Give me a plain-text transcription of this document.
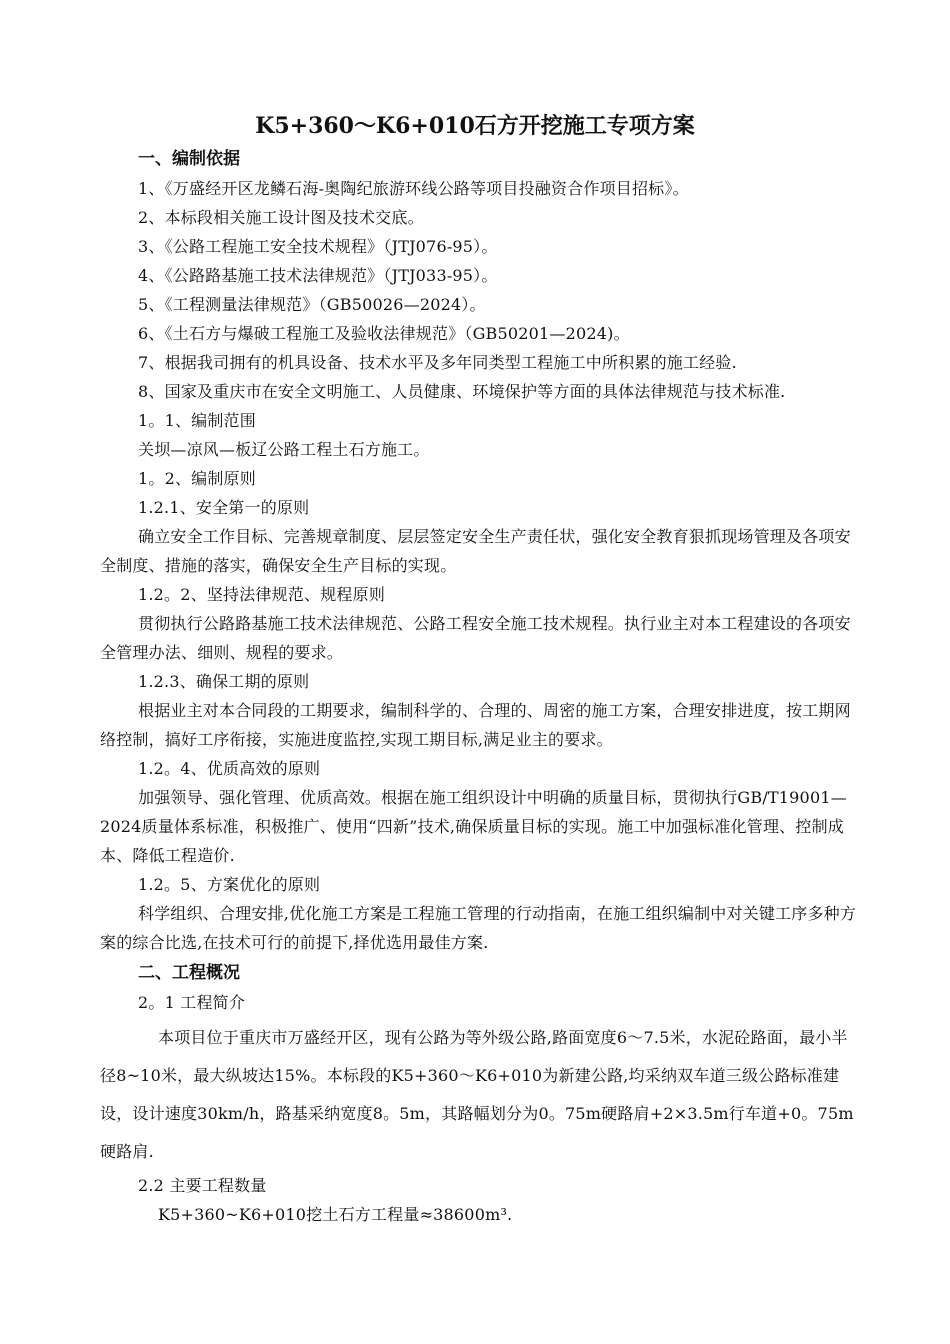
K5+360～K6+010石方开挖施工专项方案

一、编制依据

1、《万盛经开区龙鳞石海-奥陶纪旅游环线公路等项目投融资合作项目招标》。

2、本标段相关施工设计图及技术交底。

3、《公路工程施工安全技术规程》（JTJ076-95）。

4、《公路路基施工技术法律规范》（JTJ033-95）。

5、《工程测量法律规范》（GB50026—2024）。

6、《土石方与爆破工程施工及验收法律规范》（GB50201—2024)。

7、根据我司拥有的机具设备、技术水平及多年同类型工程施工中所积累的施工经验.

8、国家及重庆市在安全文明施工、人员健康、环境保护等方面的具体法律规范与技术标准.

1。1、编制范围

关坝—凉风—板辽公路工程土石方施工。

1。2、编制原则

1.2.1、安全第一的原则

确立安全工作目标、完善规章制度、层层签定安全生产责任状，强化安全教育狠抓现场管理及各项安全制度、措施的落实，确保安全生产目标的实现。

1.2。2、坚持法律规范、规程原则

贯彻执行公路路基施工技术法律规范、公路工程安全施工技术规程。执行业主对本工程建设的各项安全管理办法、细则、规程的要求。

1.2.3、确保工期的原则

根据业主对本合同段的工期要求，编制科学的、合理的、周密的施工方案，合理安排进度，按工期网络控制，搞好工序衔接，实施进度监控,实现工期目标,满足业主的要求。

1.2。4、优质高效的原则

加强领导、强化管理、优质高效。根据在施工组织设计中明确的质量目标，贯彻执行GB/T19001—2024质量体系标准，积极推广、使用“四新”技术,确保质量目标的实现。施工中加强标准化管理、控制成本、降低工程造价.

1.2。5、方案优化的原则

科学组织、合理安排,优化施工方案是工程施工管理的行动指南，在施工组织编制中对关键工序多种方案的综合比选,在技术可行的前提下,择优选用最佳方案.

二、工程概况

2。1 工程简介

本项目位于重庆市万盛经开区，现有公路为等外级公路,路面宽度6～7.5米，水泥砼路面，最小半径8~10米，最大纵坡达15%。本标段的K5+360～K6+010为新建公路,均采纳双车道三级公路标准建设，设计速度30km/h，路基采纳宽度8。5m，其路幅划分为0。75m硬路肩+2×3.5m行车道+0。75m硬路肩.

2.2 主要工程数量

K5+360~K6+010挖土石方工程量≈38600m³.
